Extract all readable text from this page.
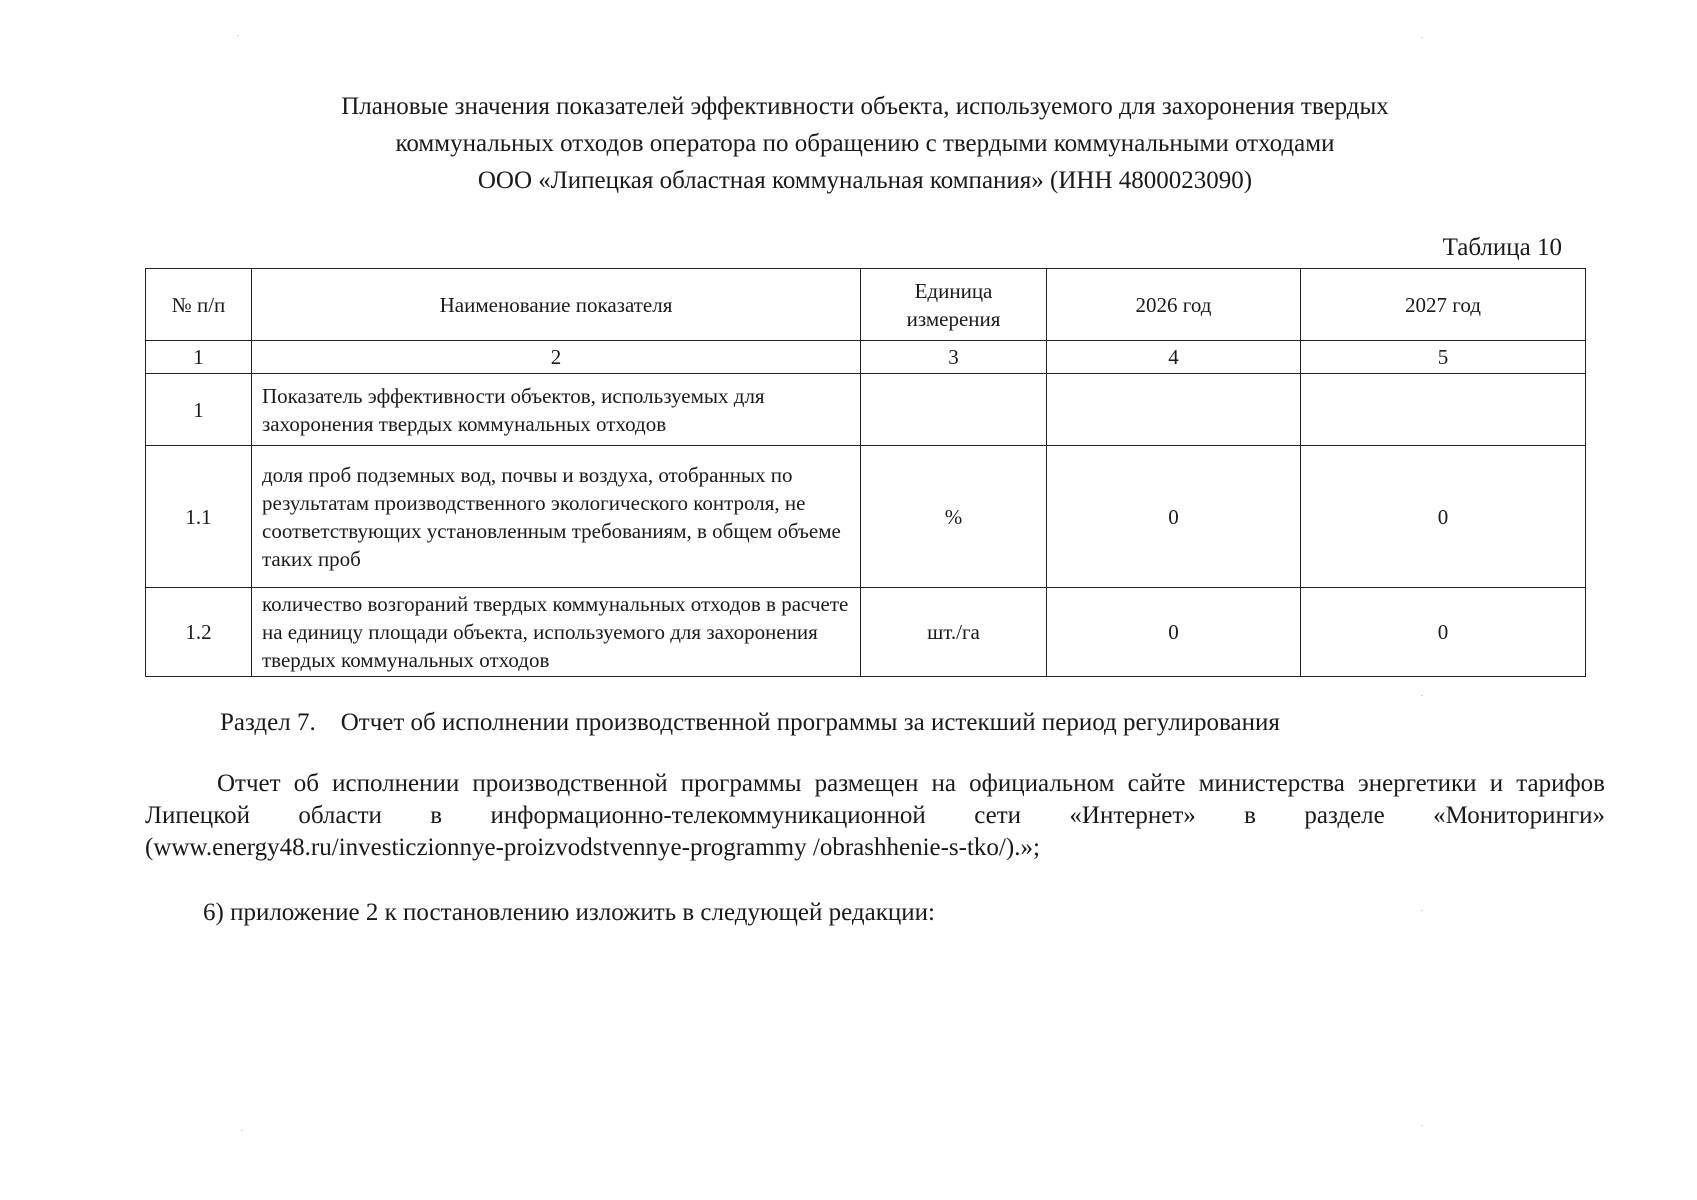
Плановые значения показателей эффективности объекта, используемого для захоронения твердых
коммунальных отходов оператора по обращению с твердыми коммунальными отходами
ООО «Липецкая областная коммунальная компания» (ИНН 4800023090)
Таблица 10
№ п/п	Наименование показателя	Единица измерения	2026 год	2027 год
1	2	3	4	5
1	Показатель эффективности объектов, используемых для захоронения твердых коммунальных отходов			
1.1	доля проб подземных вод, почвы и воздуха, отобранных по результатам производственного экологического контроля, не соответствующих установленным требованиям, в общем объеме таких проб	%	0	0
1.2	количество возгораний твердых коммунальных отходов в расчете на единицу площади объекта, используемого для захоронения твердых коммунальных отходов	шт./га	0	0
Раздел 7. Отчет об исполнении производственной программы за истекший период регулирования
Отчет об исполнении производственной программы размещен на официальном сайте министерства энергетики и тарифов Липецкой области в информационно-телекоммуникационной сети «Интернет» в разделе «Мониторинги» (www.energy48.ru/investiczionnye-proizvodstvennye-programmy /obrashhenie-s-tko/).»;
6) приложение 2 к постановлению изложить в следующей редакции:
·	·
·
·
·	·
